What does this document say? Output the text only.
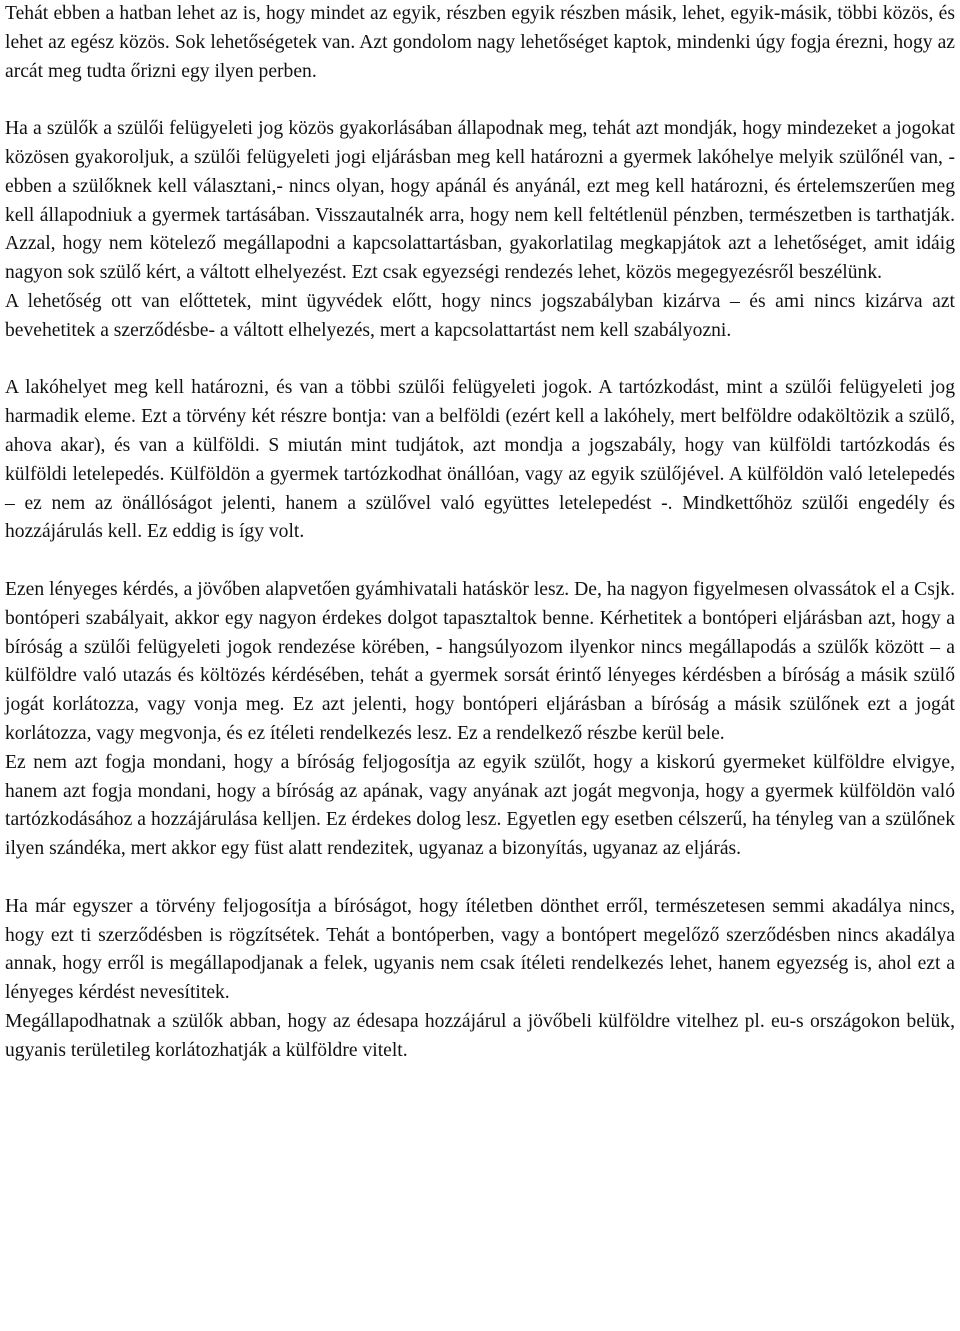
Tehát ebben a hatban lehet az is, hogy mindet az egyik, részben egyik részben másik, lehet, egyik-másik, többi közös, és lehet az egész közös. Sok lehetőségetek van. Azt gondolom nagy lehetőséget kaptok, mindenki úgy fogja érezni, hogy az arcát meg tudta őrizni egy ilyen perben.

Ha a szülők a szülői felügyeleti jog közös gyakorlásában állapodnak meg, tehát azt mondják, hogy mindezeket a jogokat közösen gyakoroljuk, a szülői felügyeleti jogi eljárásban meg kell határozni a gyermek lakóhelye melyik szülőnél van, - ebben a szülőknek kell választani,- nincs olyan, hogy apánál és anyánál, ezt meg kell határozni, és értelemszerűen meg kell állapodniuk a gyermek tartásában. Visszautalnék arra, hogy nem kell feltétlenül pénzben, természetben is tarthatják. Azzal, hogy nem kötelező megállapodni a kapcsolattartásban, gyakorlatilag megkapjátok azt a lehetőséget, amit idáig nagyon sok szülő kért, a váltott elhelyezést. Ezt csak egyezségi rendezés lehet, közös megegyezésről beszélünk.

A lehetőség ott van előttetek, mint ügyvédek előtt, hogy nincs jogszabályban kizárva – és ami nincs kizárva azt bevehetitek a szerződésbe- a váltott elhelyezés, mert a kapcsolattartást nem kell szabályozni.

A lakóhelyet meg kell határozni, és van a többi szülői felügyeleti jogok. A tartózkodást, mint a szülői felügyeleti jog harmadik eleme. Ezt a törvény két részre bontja: van a belföldi (ezért kell a lakóhely, mert belföldre odaköltözik a szülő, ahova akar), és van a külföldi. S miután mint tudjátok, azt mondja a jogszabály, hogy van külföldi tartózkodás és külföldi letelepedés. Külföldön a gyermek tartózkodhat önállóan, vagy az egyik szülőjével. A külföldön való letelepedés – ez nem az önállóságot jelenti, hanem a szülővel való együttes letelepedést -. Mindkettőhöz szülői engedély és hozzájárulás kell. Ez eddig is így volt.

Ezen lényeges kérdés, a jövőben alapvetően gyámhivatali hatáskör lesz. De, ha nagyon figyelmesen olvassátok el a Csjk. bontóperi szabályait, akkor egy nagyon érdekes dolgot tapasztaltok benne. Kérhetitek a bontóperi eljárásban azt, hogy a bíróság a szülői felügyeleti jogok rendezése körében, - hangsúlyozom ilyenkor nincs megállapodás a szülők között – a külföldre való utazás és költözés kérdésében, tehát a gyermek sorsát érintő lényeges kérdésben a bíróság a másik szülő jogát korlátozza, vagy vonja meg. Ez azt jelenti, hogy bontóperi eljárásban a bíróság a másik szülőnek ezt a jogát korlátozza, vagy megvonja, és ez ítéleti rendelkezés lesz. Ez a rendelkező részbe kerül bele.

Ez nem azt fogja mondani, hogy a bíróság feljogosítja az egyik szülőt, hogy a kiskorú gyermeket külföldre elvigye, hanem azt fogja mondani, hogy a bíróság az apának, vagy anyának azt jogát megvonja, hogy a gyermek külföldön való tartózkodásához a hozzájárulása kelljen. Ez érdekes dolog lesz. Egyetlen egy esetben célszerű, ha tényleg van a szülőnek ilyen szándéka, mert akkor egy füst alatt rendezitek, ugyanaz a bizonyítás, ugyanaz az eljárás.

Ha már egyszer a törvény feljogosítja a bíróságot, hogy ítéletben dönthet erről, természetesen semmi akadálya nincs, hogy ezt ti szerződésben is rögzítsétek. Tehát a bontóperben, vagy a bontópert megelőző szerződésben nincs akadálya annak, hogy erről is megállapodjanak a felek, ugyanis nem csak ítéleti rendelkezés lehet, hanem egyezség is, ahol ezt a lényeges kérdést nevesítitek.

Megállapodhatnak a szülők abban, hogy az édesapa hozzájárul a jövőbeli külföldre vitelhez pl. eu-s országokon belük, ugyanis területileg korlátozhatják a külföldre vitelt.
